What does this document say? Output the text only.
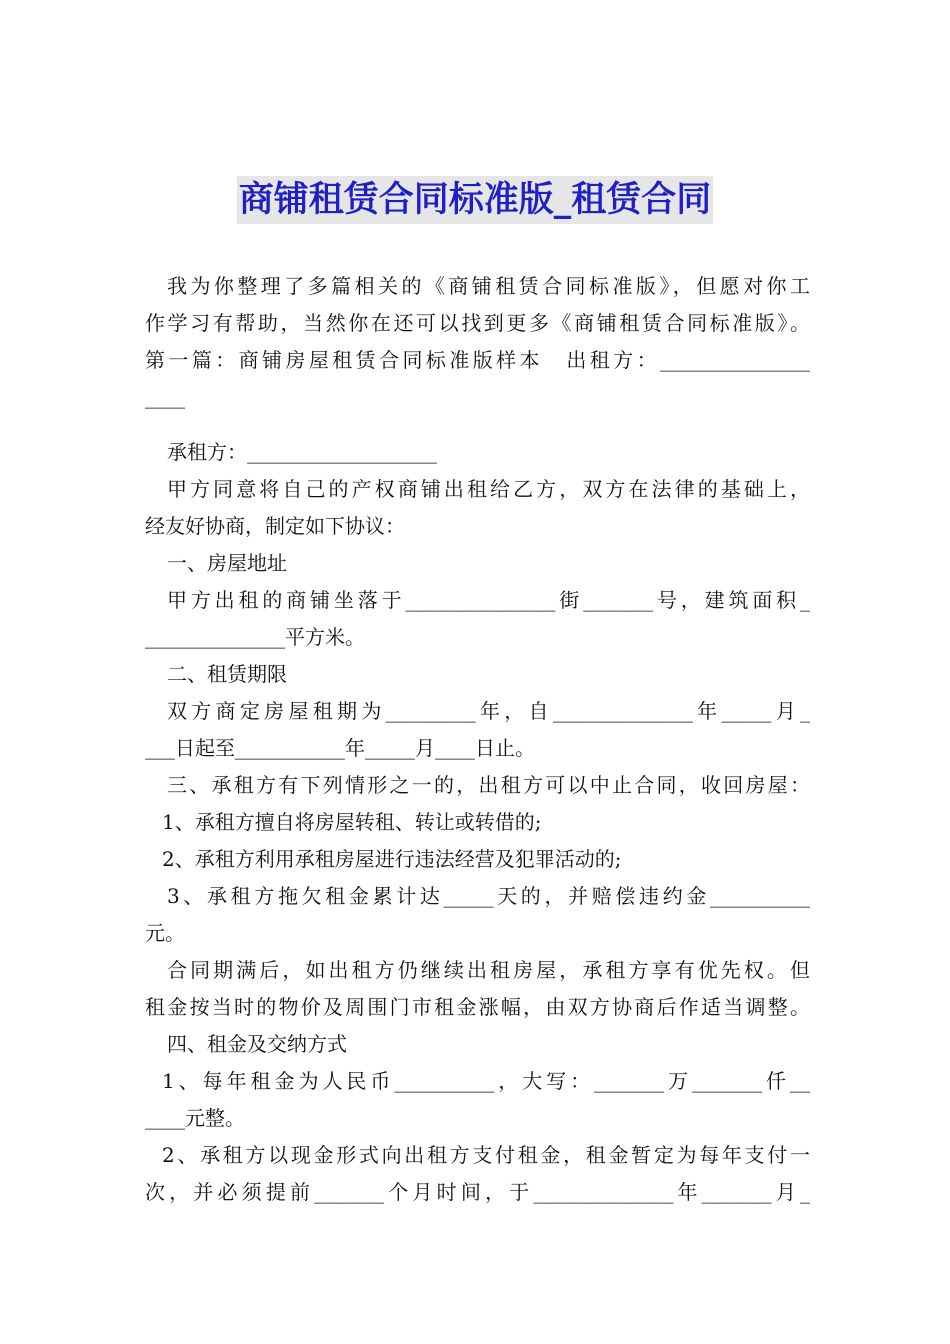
商铺租赁合同标准版_租赁合同
我为你整理了多篇相关的《商铺租赁合同标准版》，但愿对你工
作学习有帮助，当然你在还可以找到更多《商铺租赁合同标准版》。
第一篇：商铺房屋租赁合同标准版样本　出租方：_______________
____
承租方：___________________
甲方同意将自己的产权商铺出租给乙方，双方在法律的基础上，
经友好协商，制定如下协议：
一、房屋地址
甲方出租的商铺坐落于_______________街_______号，建筑面积_
______________平方米。
二、租赁期限
双方商定房屋租期为_________年，自______________年_____月_
___日起至___________年_____月____日止。
三、承租方有下列情形之一的，出租方可以中止合同，收回房屋：
1、承租方擅自将房屋转租、转让或转借的;
2、承租方利用承租房屋进行违法经营及犯罪活动的;
3、承租方拖欠租金累计达_____天的，并赔偿违约金__________
元。
合同期满后，如出租方仍继续出租房屋，承租方享有优先权。但
租金按当时的物价及周围门市租金涨幅，由双方协商后作适当调整。
四、租金及交纳方式
1、每年租金为人民币__________，大写：_______万_______仟__
____元整。
2、承租方以现金形式向出租方支付租金，租金暂定为每年支付一
次，并必须提前_______个月时间，于______________年_______月_
